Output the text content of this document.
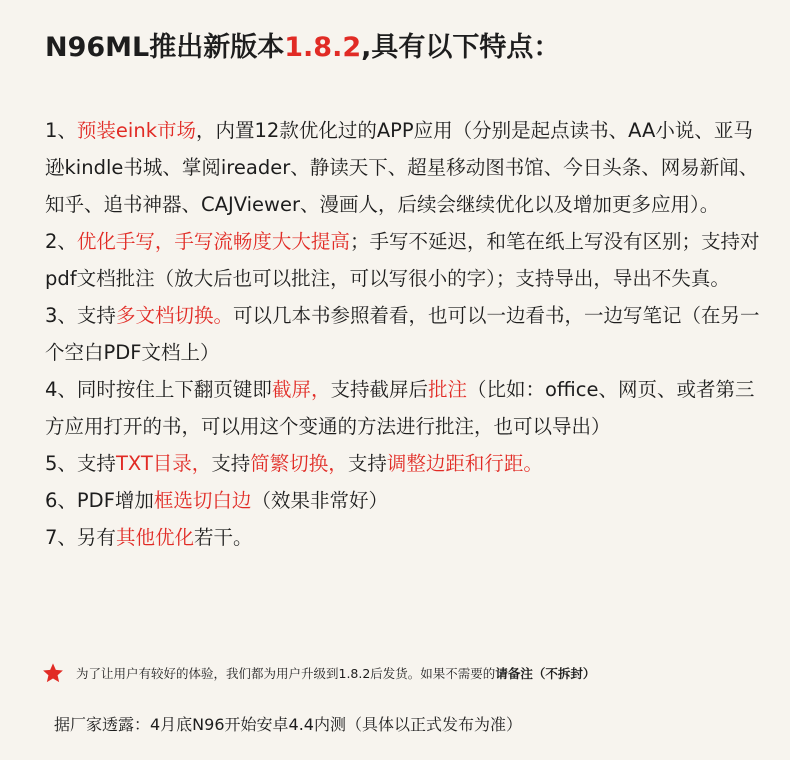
N96ML推出新版本1.8.2,具有以下特点：
1、预装eink市场，内置12款优化过的APP应用（分别是起点读书、AA小说、亚马逊kindle书城、掌阅ireader、静读天下、超星移动图书馆、今日头条、网易新闻、知乎、追书神器、CAJViewer、漫画人，后续会继续优化以及增加更多应用）。
2、优化手写，手写流畅度大大提高；手写不延迟，和笔在纸上写没有区别；支持对pdf文档批注（放大后也可以批注，可以写很小的字）；支持导出，导出不失真。
3、支持多文档切换。可以几本书参照着看，也可以一边看书，一边写笔记（在另一个空白PDF文档上）
4、同时按住上下翻页键即截屏，支持截屏后批注（比如：office、网页、或者第三方应用打开的书，可以用这个变通的方法进行批注，也可以导出）
5、支持TXT目录，支持简繁切换，支持调整边距和行距。
6、PDF增加框选切白边（效果非常好）
7、另有其他优化若干。
为了让用户有较好的体验，我们都为用户升级到1.8.2后发货。如果不需要的 请备注（不拆封）
据厂家透露：4月底N96开始安卓4.4内测（具体以正式发布为准）
